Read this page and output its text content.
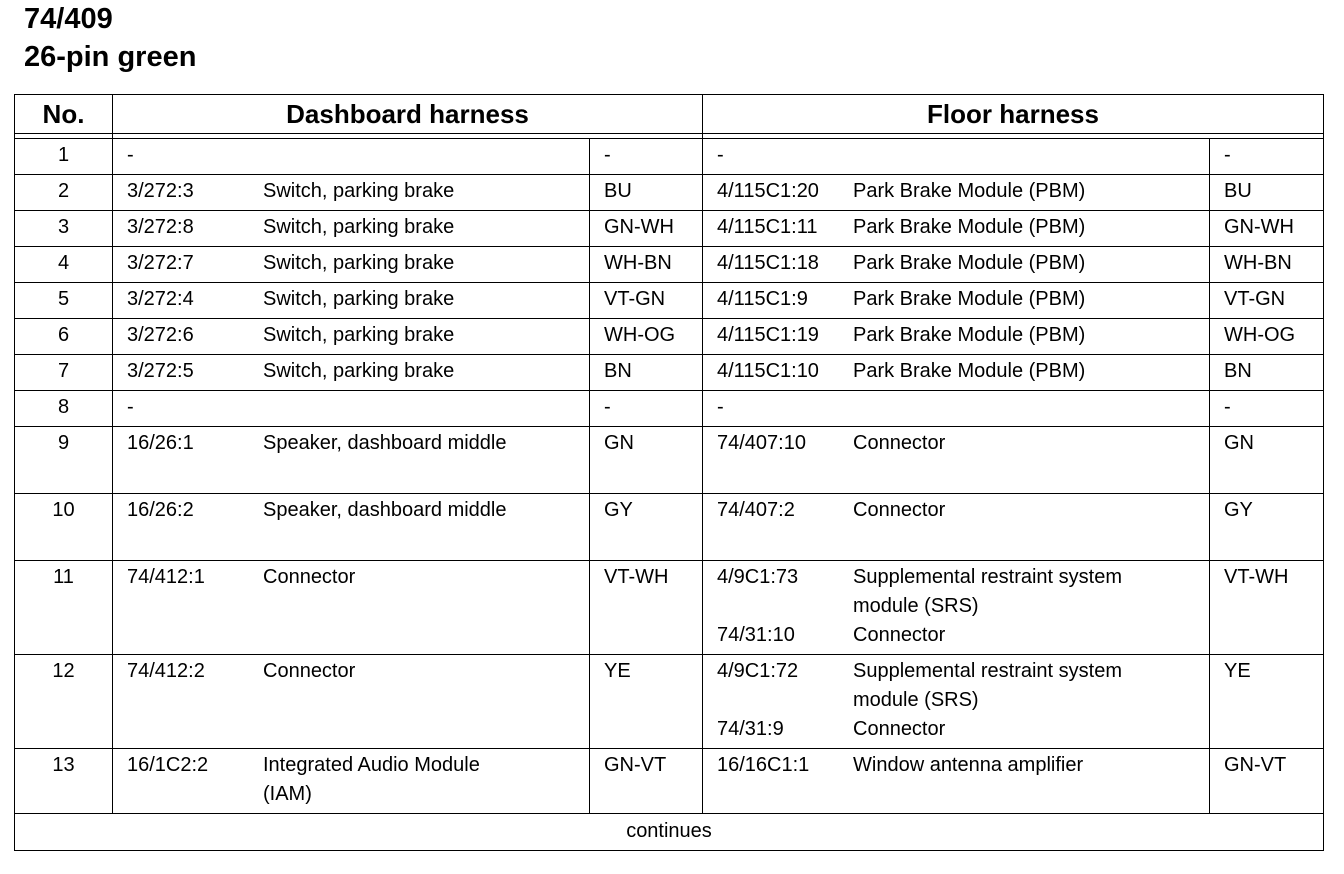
74/409
26-pin green
No.	Dashboard harness		Floor harness	

1	-	-	-	-
2	3/272:3 Switch, parking brake	BU	4/115C1:20 Park Brake Module (PBM)	BU
3	3/272:8 Switch, parking brake	GN-WH	4/115C1:11 Park Brake Module (PBM)	GN-WH
4	3/272:7 Switch, parking brake	WH-BN	4/115C1:18 Park Brake Module (PBM)	WH-BN
5	3/272:4 Switch, parking brake	VT-GN	4/115C1:9 Park Brake Module (PBM)	VT-GN
6	3/272:6 Switch, parking brake	WH-OG	4/115C1:19 Park Brake Module (PBM)	WH-OG
7	3/272:5 Switch, parking brake	BN	4/115C1:10 Park Brake Module (PBM)	BN
8	-	-	-	-
9	16/26:1 Speaker, dashboard middle	GN	74/407:10 Connector	GN
10	16/26:2 Speaker, dashboard middle	GY	74/407:2 Connector	GY
11	74/412:1 Connector	VT-WH	4/9C1:73 Supplemental restraint system
module (SRS)
74/31:10 Connector	VT-WH
12	74/412:2 Connector	YE	4/9C1:72 Supplemental restraint system
module (SRS)
74/31:9 Connector	YE
13	16/1C2:2 Integrated Audio Module
(IAM)	GN-VT	16/16C1:1 Window antenna amplifier	GN-VT
continues				
